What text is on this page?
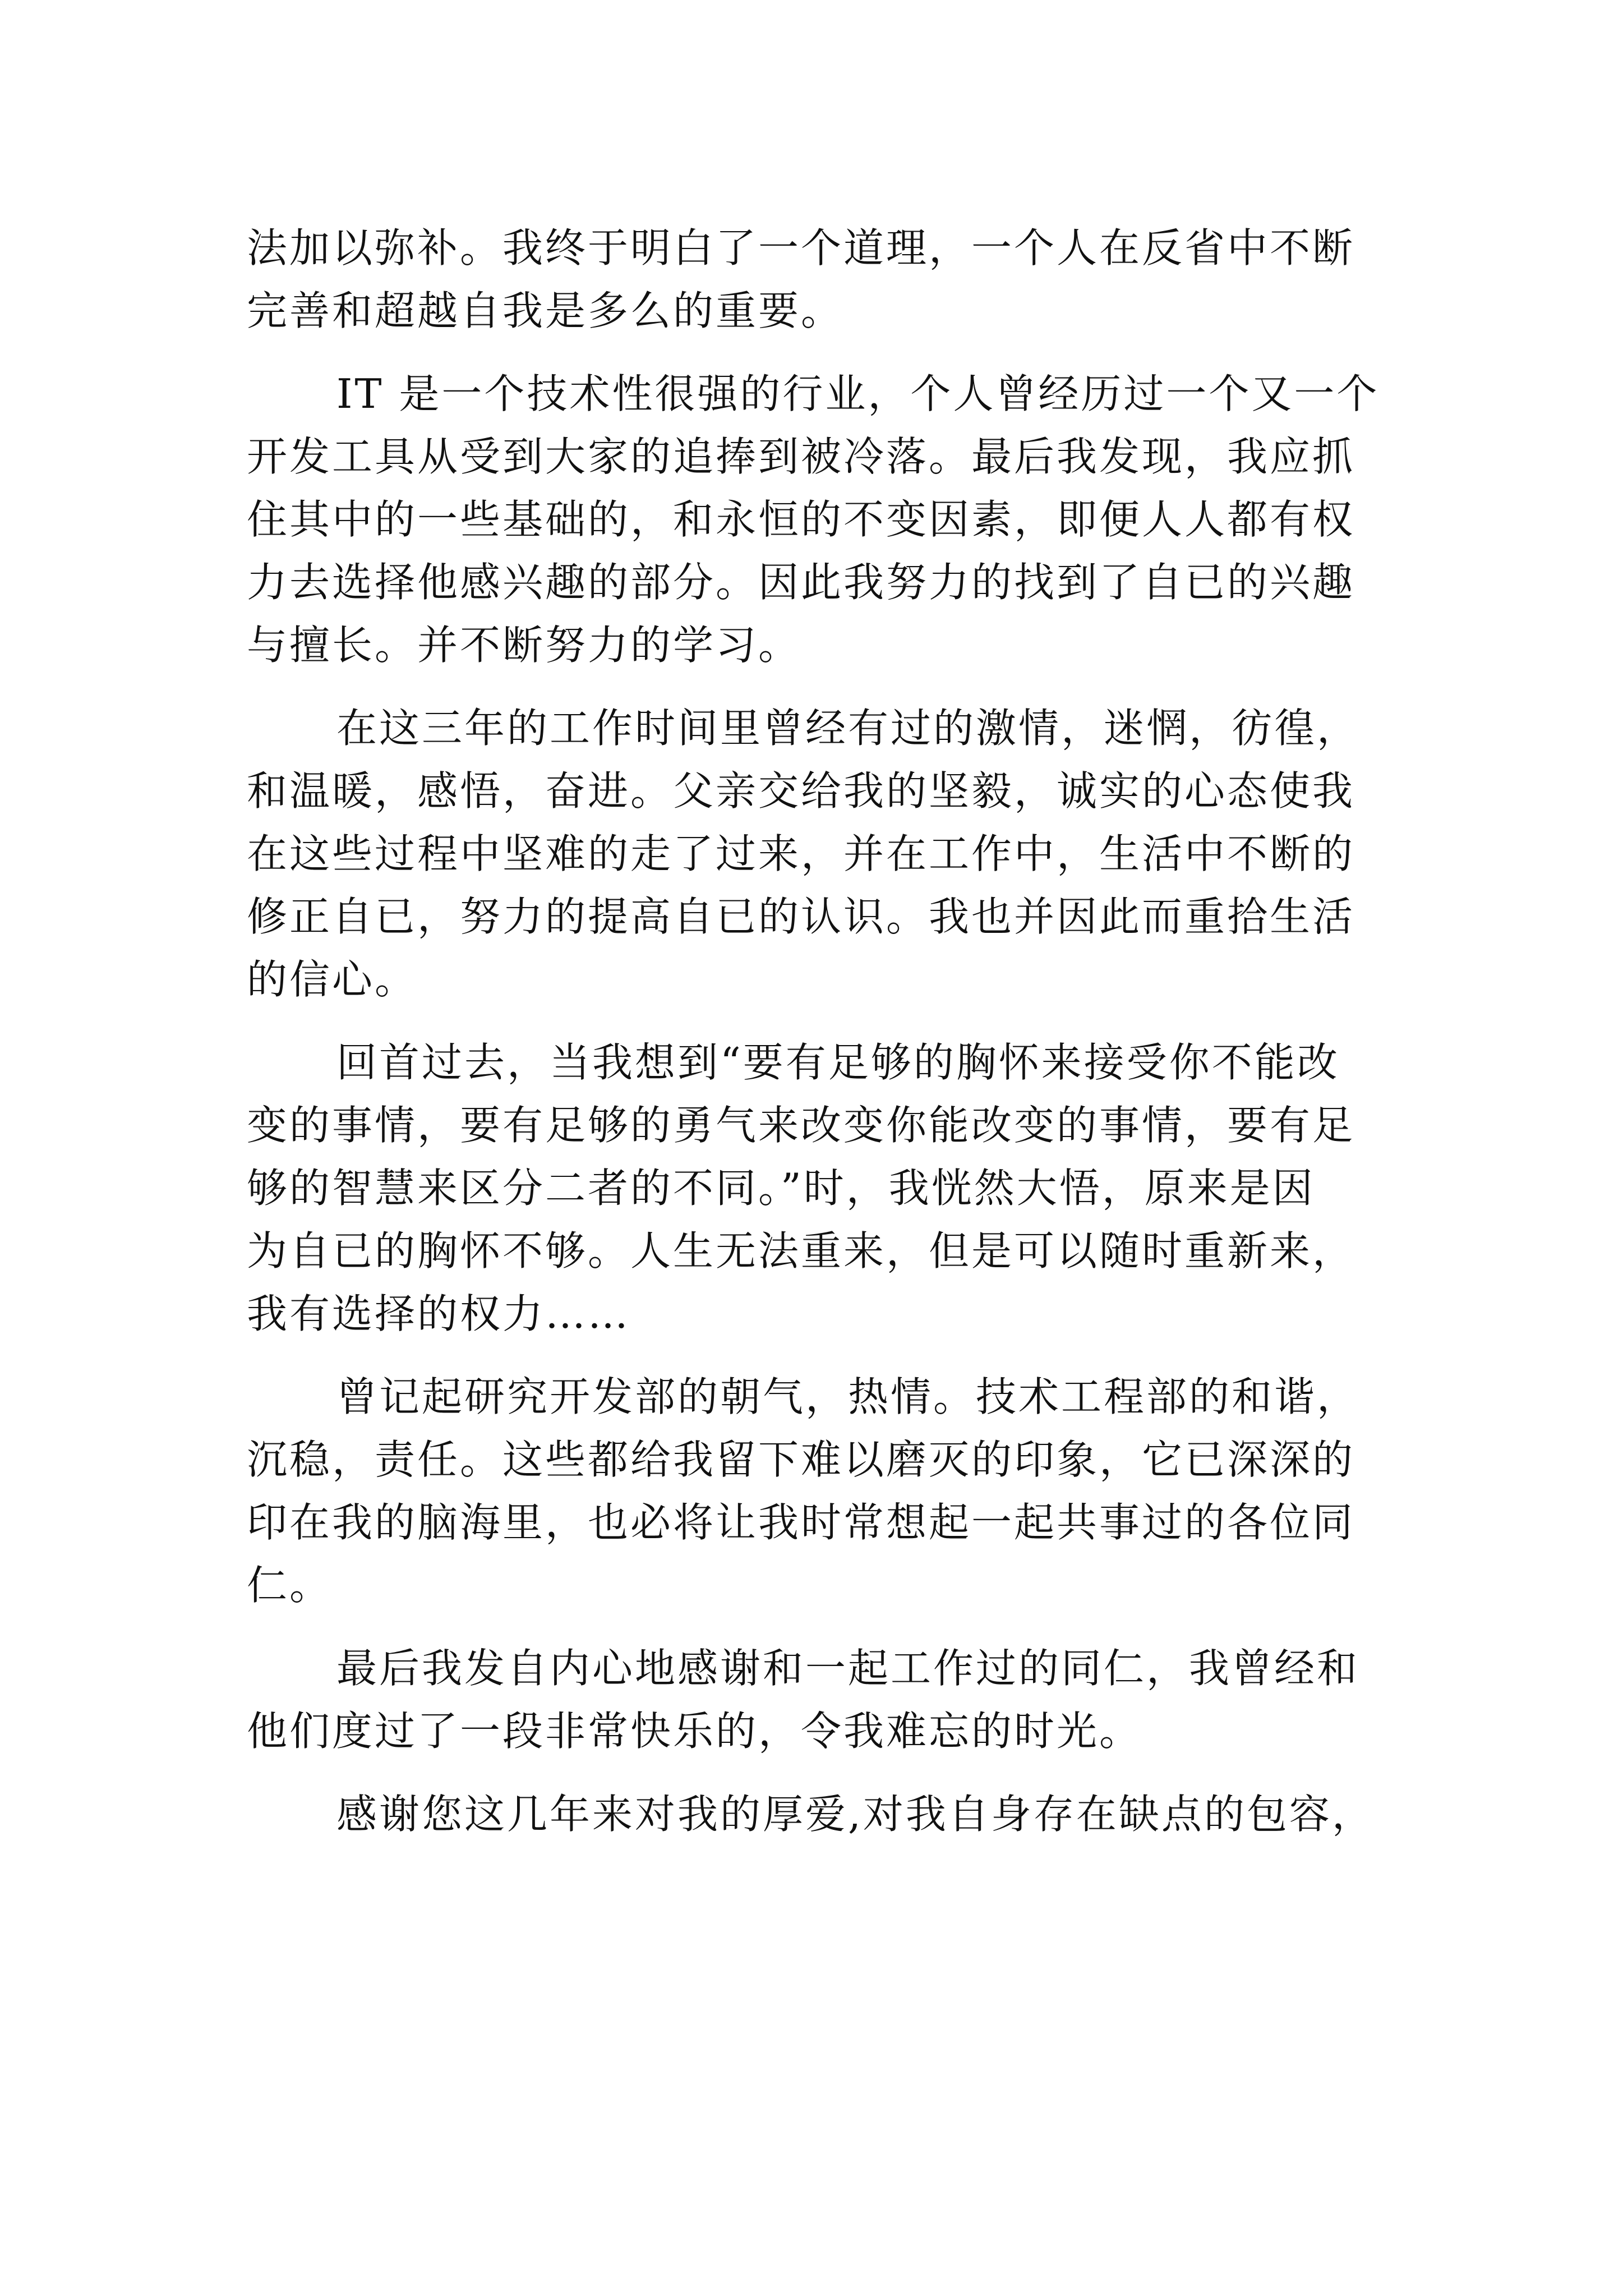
法加以弥补。我终于明白了一个道理，一个人在反省中不断
完善和超越自我是多么的重要。
IT 是一个技术性很强的行业，个人曾经历过一个又一个
开发工具从受到大家的追捧到被冷落。最后我发现，我应抓
住其中的一些基础的，和永恒的不变因素，即便人人都有权
力去选择他感兴趣的部分。因此我努力的找到了自已的兴趣
与擅长。并不断努力的学习。
在这三年的工作时间里曾经有过的激情，迷惘，彷徨，
和温暖，感悟，奋进。父亲交给我的坚毅，诚实的心态使我
在这些过程中坚难的走了过来，并在工作中，生活中不断的
修正自已，努力的提高自已的认识。我也并因此而重拾生活
的信心。
回首过去，当我想到“要有足够的胸怀来接受你不能改
变的事情，要有足够的勇气来改变你能改变的事情，要有足
够的智慧来区分二者的不同。”时，我恍然大悟，原来是因
为自已的胸怀不够。人生无法重来，但是可以随时重新来，
我有选择的权力……
曾记起研究开发部的朝气，热情。技术工程部的和谐，
沉稳，责任。这些都给我留下难以磨灭的印象，它已深深的
印在我的脑海里，也必将让我时常想起一起共事过的各位同
仁。
最后我发自内心地感谢和一起工作过的同仁，我曾经和
他们度过了一段非常快乐的，令我难忘的时光。
感谢您这几年来对我的厚爱,对我自身存在缺点的包容，
